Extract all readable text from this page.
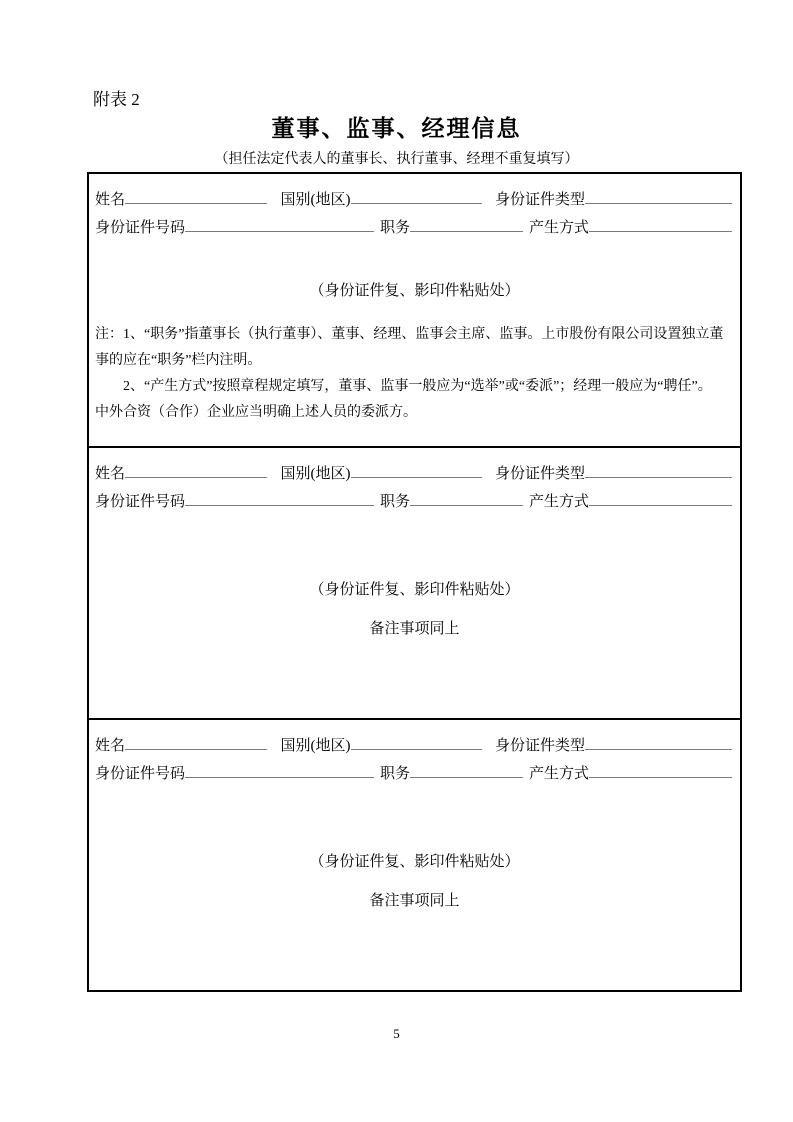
附表 2
董事、监事、经理信息
（担任法定代表人的董事长、执行董事、经理不重复填写）
姓名	国别(地区)	身份证件类型
身份证件号码	职务	产生方式
（身份证件复、影印件粘贴处）
注：1、“职务”指董事长（执行董事）、董事、经理、监事会主席、监事。上市股份有限公司设置独立董
事的应在“职务”栏内注明。
　　2、“产生方式”按照章程规定填写，董事、监事一般应为“选举”或“委派”；经理一般应为“聘任”。
中外合资（合作）企业应当明确上述人员的委派方。
姓名	国别(地区)	身份证件类型
身份证件号码	职务	产生方式
（身份证件复、影印件粘贴处）
备注事项同上
姓名	国别(地区)	身份证件类型
身份证件号码	职务	产生方式
（身份证件复、影印件粘贴处）
备注事项同上
5
